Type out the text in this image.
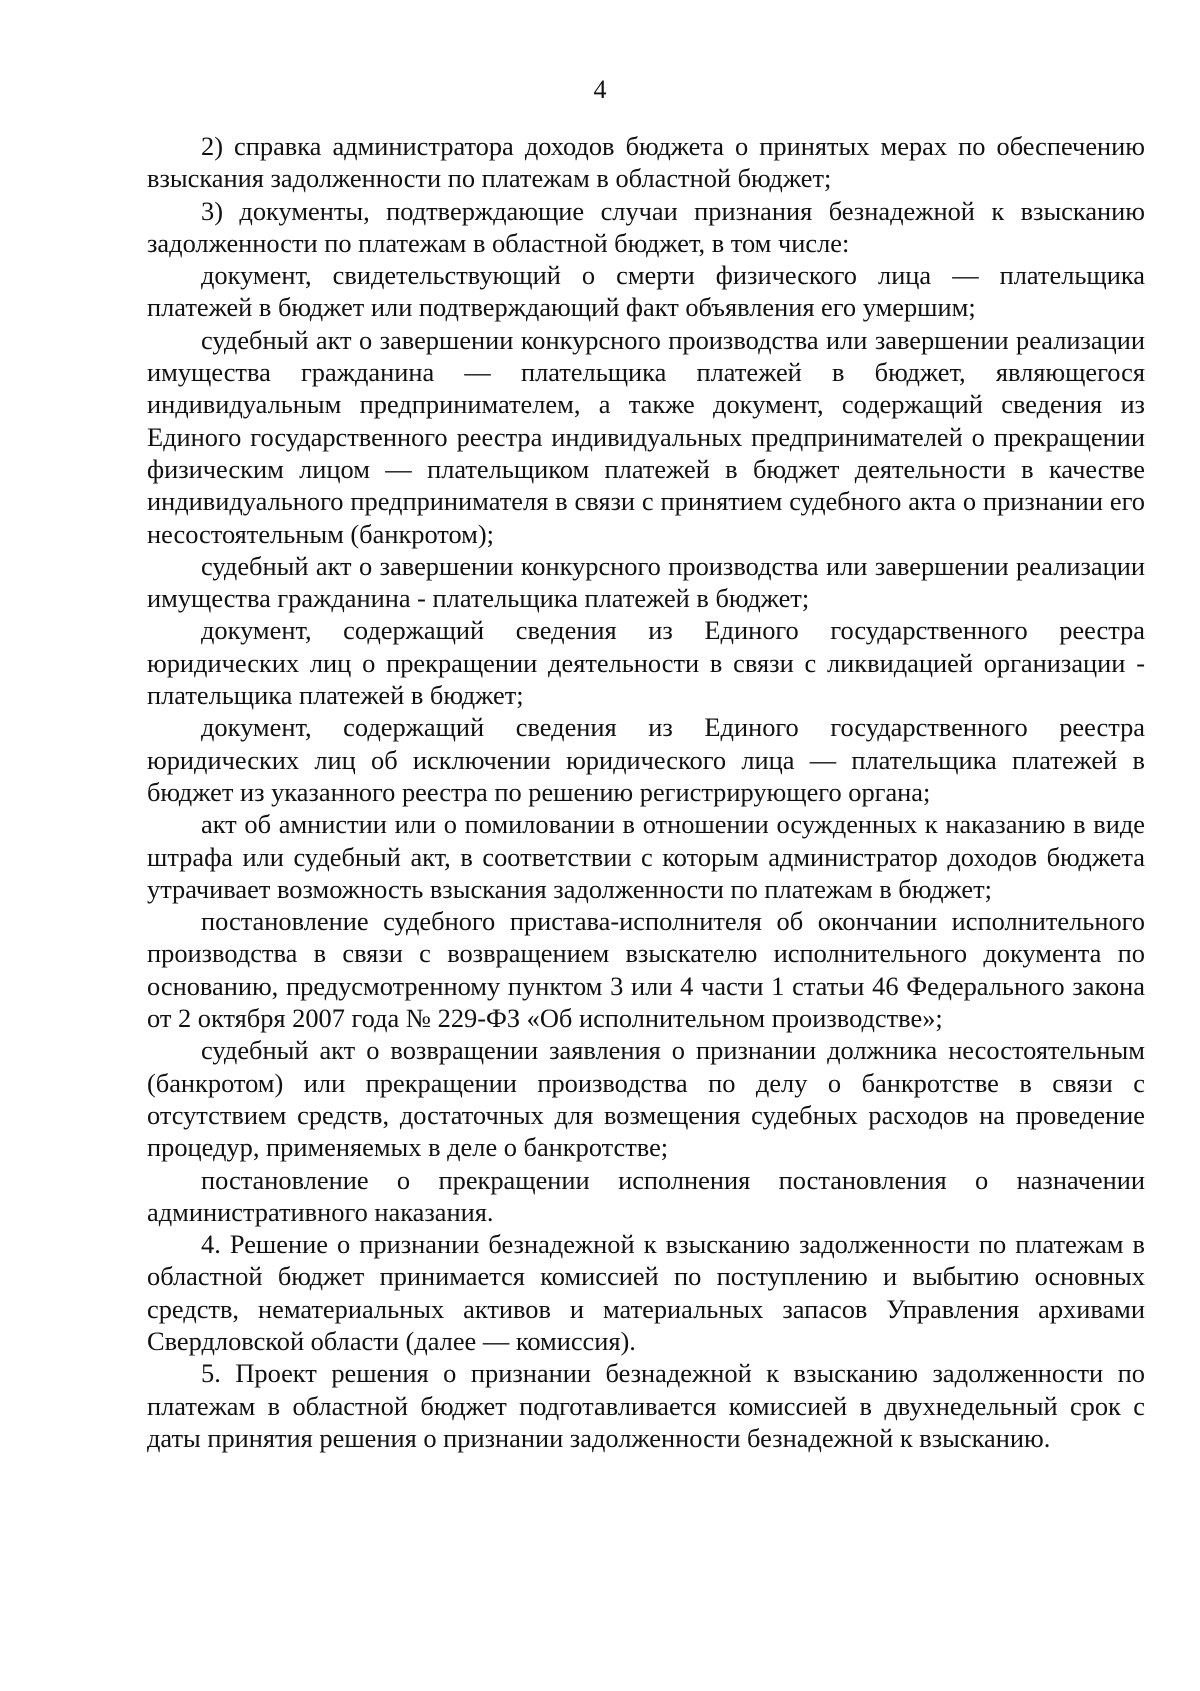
4

2) справка администратора доходов бюджета о принятых мерах по обеспечению взыскания задолженности по платежам в областной бюджет;

3) документы, подтверждающие случаи признания безнадежной к взысканию задолженности по платежам в областной бюджет, в том числе:

документ, свидетельствующий о смерти физического лица — плательщика платежей в бюджет или подтверждающий факт объявления его умершим;

судебный акт о завершении конкурсного производства или завершении реализации имущества гражданина — плательщика платежей в бюджет, являющегося индивидуальным предпринимателем, а также документ, содержащий сведения из Единого государственного реестра индивидуальных предпринимателей о прекращении физическим лицом — плательщиком платежей в бюджет деятельности в качестве индивидуального предпринимателя в связи с принятием судебного акта о признании его несостоятельным (банкротом);

судебный акт о завершении конкурсного производства или завершении реализации имущества гражданина - плательщика платежей в бюджет;

документ, содержащий сведения из Единого государственного реестра юридических лиц о прекращении деятельности в связи с ликвидацией организации - плательщика платежей в бюджет;

документ, содержащий сведения из Единого государственного реестра юридических лиц об исключении юридического лица — плательщика платежей в бюджет из указанного реестра по решению регистрирующего органа;

акт об амнистии или о помиловании в отношении осужденных к наказанию в виде штрафа или судебный акт, в соответствии с которым администратор доходов бюджета утрачивает возможность взыскания задолженности по платежам в бюджет;

постановление судебного пристава-исполнителя об окончании исполнительного производства в связи с возвращением взыскателю исполнительного документа по основанию, предусмотренному пунктом 3 или 4 части 1 статьи 46 Федерального закона от 2 октября 2007 года № 229-ФЗ «Об исполнительном производстве»;

судебный акт о возвращении заявления о признании должника несостоятельным (банкротом) или прекращении производства по делу о банкротстве в связи с отсутствием средств, достаточных для возмещения судебных расходов на проведение процедур, применяемых в деле о банкротстве;

постановление о прекращении исполнения постановления о назначении административного наказания.

4. Решение о признании безнадежной к взысканию задолженности по платежам в областной бюджет принимается комиссией по поступлению и выбытию основных средств, нематериальных активов и материальных запасов Управления архивами Свердловской области (далее — комиссия).

5. Проект решения о признании безнадежной к взысканию задолженности по платежам в областной бюджет подготавливается комиссией в двухнедельный срок с даты принятия решения о признании задолженности безнадежной к взысканию.
